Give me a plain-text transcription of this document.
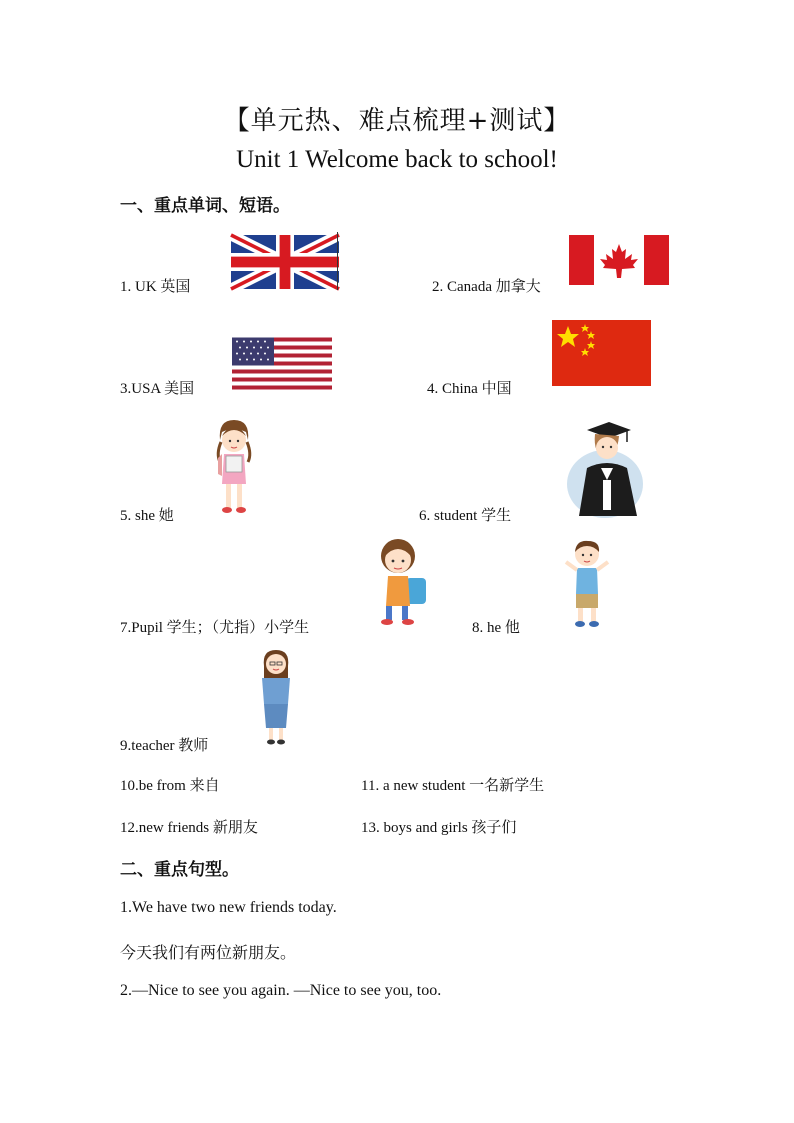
【单元热、难点梳理+测试】
Unit 1 Welcome back to school!
一、重点单词、短语。
1. UK 英国	2. Canada 加拿大
3.USA 美国	4. China 中国
5. she 她	6. student 学生
7.Pupil 学生；（尤指）小学生	8. he 他
9.teacher 教师
10.be from 来自	11. a new student 一名新学生
12.new friends 新朋友	13. boys and girls 孩子们
二、重点句型。
1.We have two new friends today.
今天我们有两位新朋友。
2.—Nice to see you again. —Nice to see you, too.
